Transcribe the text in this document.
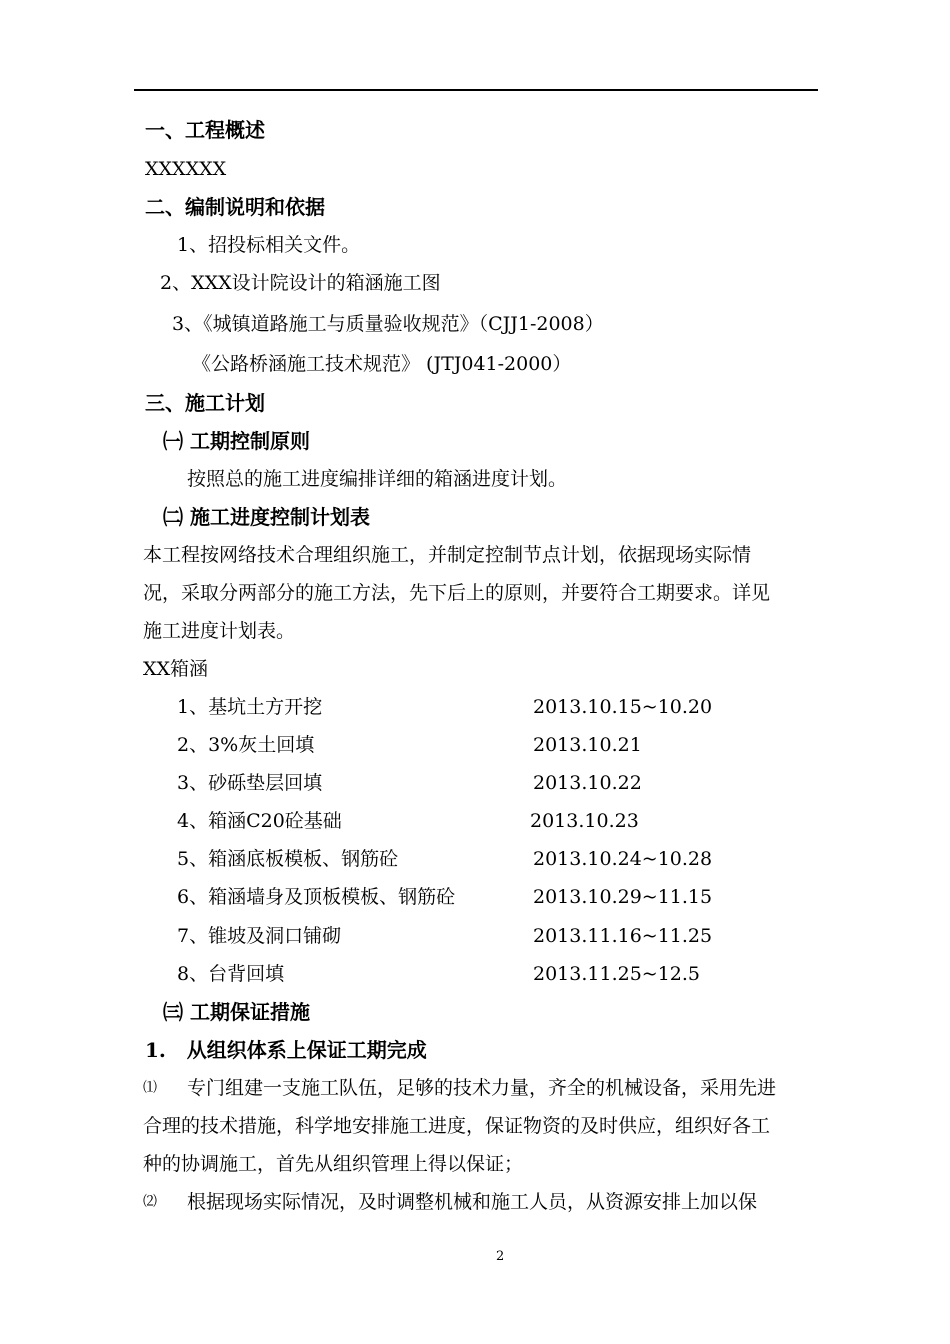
一、工程概述
XXXXXX
二、编制说明和依据
1、招投标相关文件。
2、XXX设计院设计的箱涵施工图
3、《城镇道路施工与质量验收规范》（CJJ1-2008）
《公路桥涵施工技术规范》 (JTJ041-2000）
三、施工计划
㈠ 工期控制原则
按照总的施工进度编排详细的箱涵进度计划。
㈡ 施工进度控制计划表
本工程按网络技术合理组织施工，并制定控制节点计划，依据现场实际情
况，采取分两部分的施工方法，先下后上的原则，并要符合工期要求。详见
施工进度计划表。
XX箱涵
1、基坑土方开挖	2013.10.15~10.20
2、3%灰土回填	2013.10.21
3、砂砾垫层回填	2013.10.22
4、箱涵C20砼基础	2013.10.23
5、箱涵底板模板、钢筋砼	2013.10.24~10.28
6、箱涵墙身及顶板模板、钢筋砼	2013.10.29~11.15
7、锥坡及洞口铺砌	2013.11.16~11.25
8、台背回填	2013.11.25~12.5
㈢ 工期保证措施
1.   从组织体系上保证工期完成
⑴ 专门组建一支施工队伍，足够的技术力量，齐全的机械设备，采用先进
合理的技术措施，科学地安排施工进度，保证物资的及时供应，组织好各工
种的协调施工，首先从组织管理上得以保证；
⑵ 根据现场实际情况，及时调整机械和施工人员，从资源安排上加以保
2
